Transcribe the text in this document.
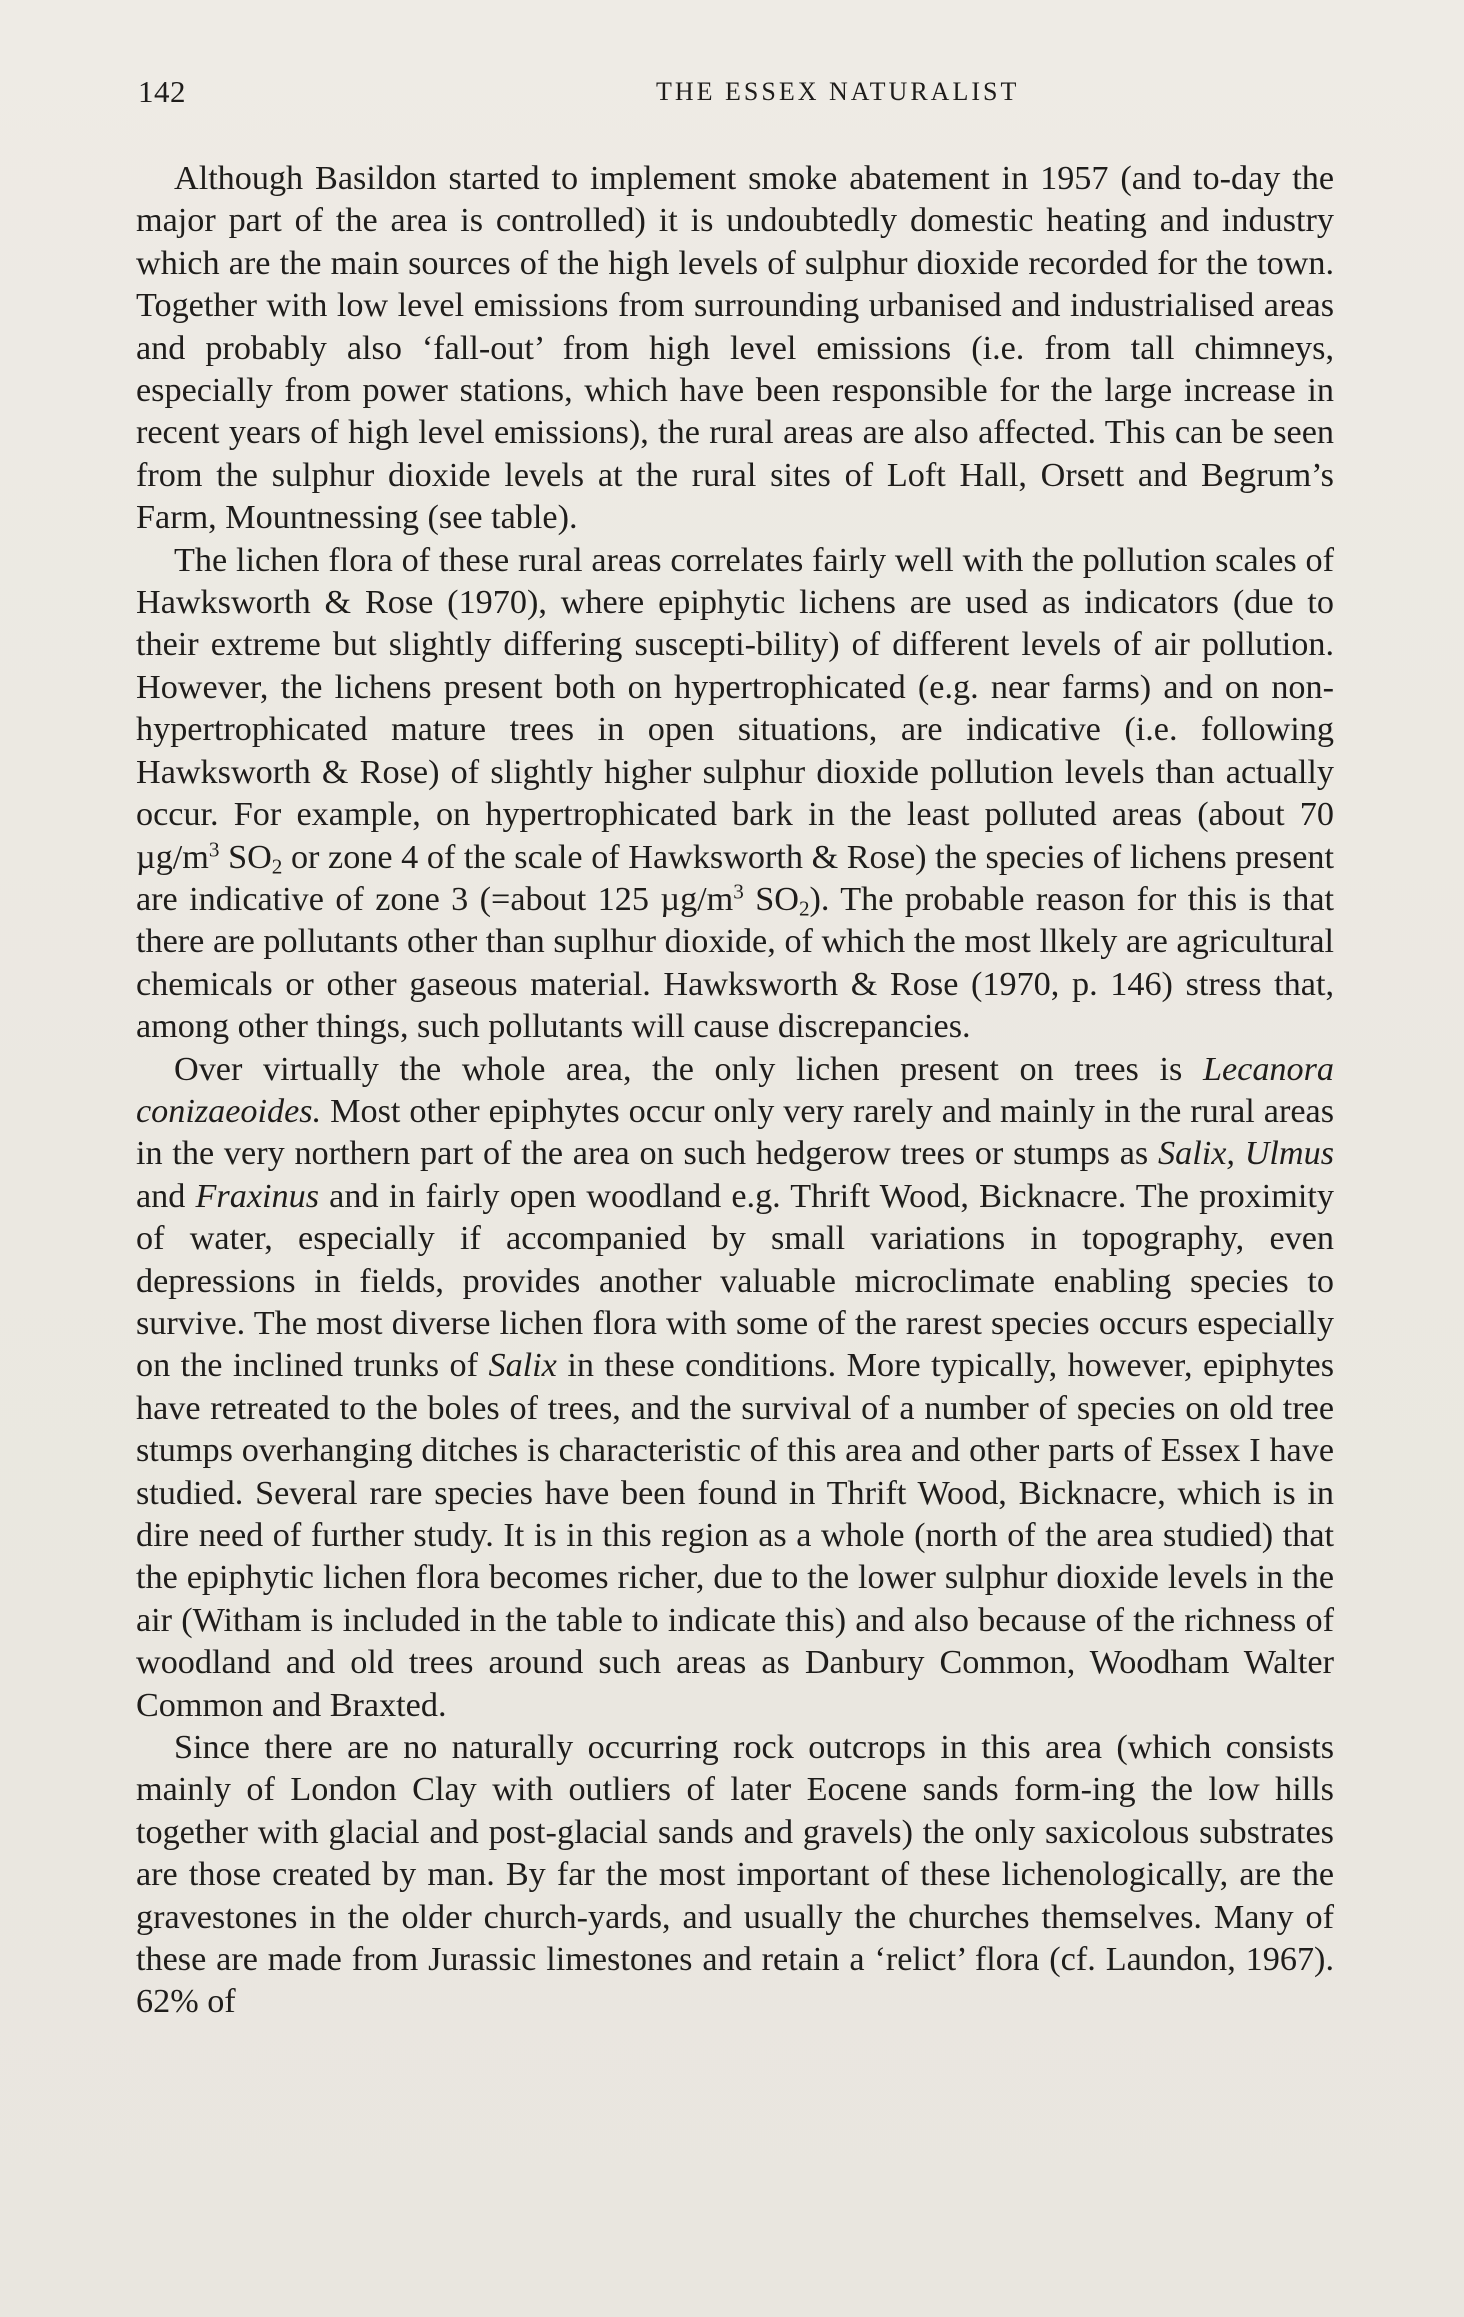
142	THE ESSEX NATURALIST

Although Basildon started to implement smoke abatement in 1957 (and to-day the major part of the area is controlled) it is undoubtedly domestic heating and industry which are the main sources of the high levels of sulphur dioxide recorded for the town. Together with low level emissions from surrounding urbanised and industrialised areas and probably also ‘fall-out’ from high level emissions (i.e. from tall chimneys, especially from power stations, which have been responsible for the large increase in recent years of high level emissions), the rural areas are also affected. This can be seen from the sulphur dioxide levels at the rural sites of Loft Hall, Orsett and Begrum’s Farm, Mountnessing (see table).

The lichen flora of these rural areas correlates fairly well with the pollution scales of Hawksworth & Rose (1970), where epiphytic lichens are used as indicators (due to their extreme but slightly differing suscepti-bility) of different levels of air pollution. However, the lichens present both on hypertrophicated (e.g. near farms) and on non-hypertrophicated mature trees in open situations, are indicative (i.e. following Hawksworth & Rose) of slightly higher sulphur dioxide pollution levels than actually occur. For example, on hypertrophicated bark in the least polluted areas (about 70 $\mu g/m^3$ $SO_2$ or zone 4 of the scale of Hawksworth & Rose) the species of lichens present are indicative of zone 3 (=about 125 $\mu g/m^3$ $SO_2$). The probable reason for this is that there are pollutants other than suplhur dioxide, of which the most llkely are agricultural chemicals or other gaseous material. Hawksworth & Rose (1970, p. 146) stress that, among other things, such pollutants will cause discrepancies.

Over virtually the whole area, the only lichen present on trees is Lecanora conizaeoides. Most other epiphytes occur only very rarely and mainly in the rural areas in the very northern part of the area on such hedgerow trees or stumps as Salix, Ulmus and Fraxinus and in fairly open woodland e.g. Thrift Wood, Bicknacre. The proximity of water, especially if accompanied by small variations in topography, even depressions in fields, provides another valuable microclimate enabling species to survive. The most diverse lichen flora with some of the rarest species occurs especially on the inclined trunks of Salix in these conditions. More typically, however, epiphytes have retreated to the boles of trees, and the survival of a number of species on old tree stumps overhanging ditches is characteristic of this area and other parts of Essex I have studied. Several rare species have been found in Thrift Wood, Bicknacre, which is in dire need of further study. It is in this region as a whole (north of the area studied) that the epiphytic lichen flora becomes richer, due to the lower sulphur dioxide levels in the air (Witham is included in the table to indicate this) and also because of the richness of woodland and old trees around such areas as Danbury Common, Woodham Walter Common and Braxted.

Since there are no naturally occurring rock outcrops in this area (which consists mainly of London Clay with outliers of later Eocene sands form-ing the low hills together with glacial and post-glacial sands and gravels) the only saxicolous substrates are those created by man. By far the most important of these lichenologically, are the gravestones in the older church-yards, and usually the churches themselves. Many of these are made from Jurassic limestones and retain a ‘relict’ flora (cf. Laundon, 1967). 62% of
